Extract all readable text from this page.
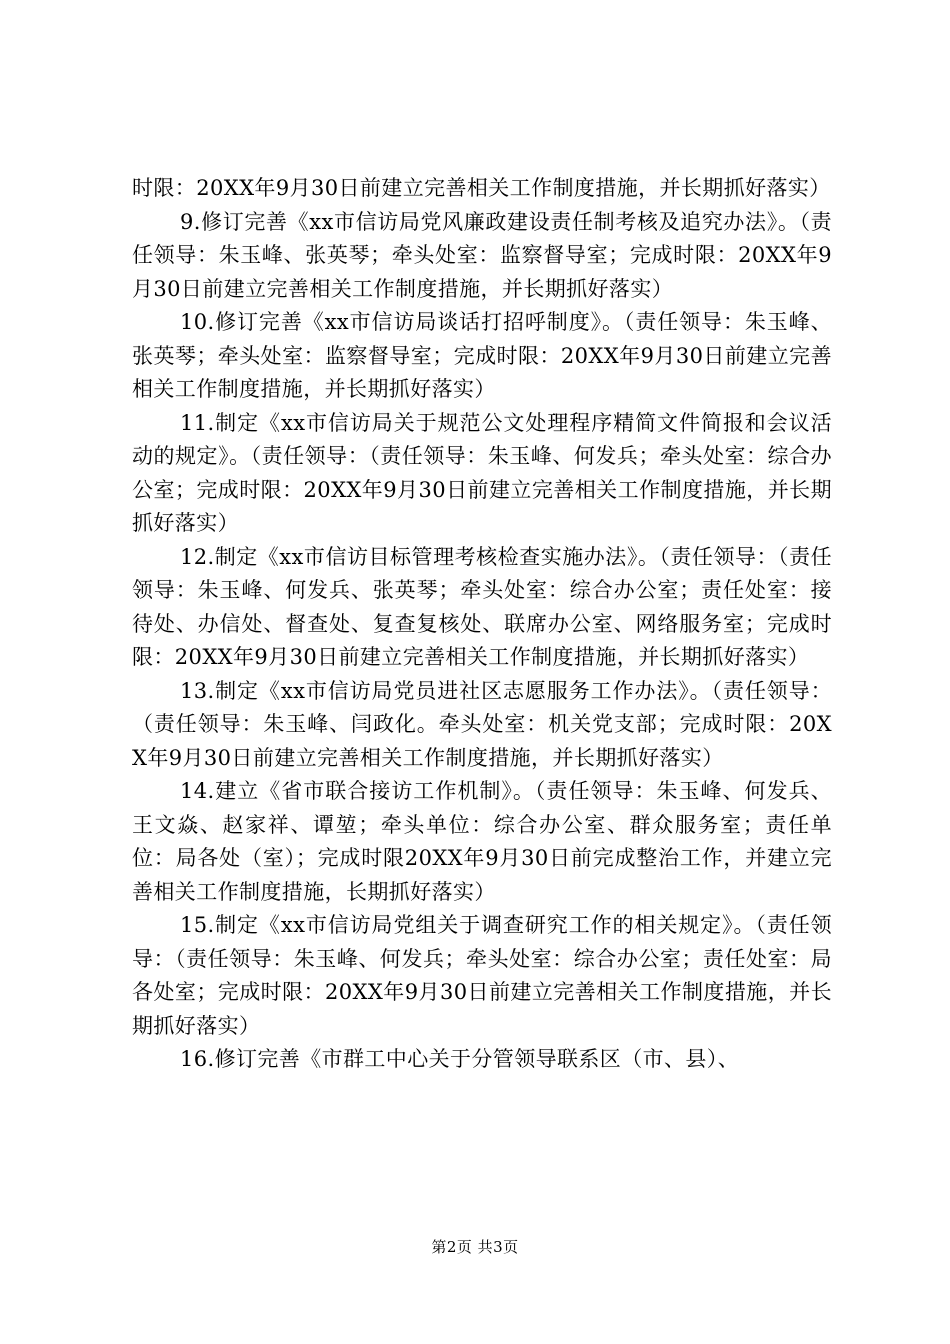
时限：20XX年9月30日前建立完善相关工作制度措施，并长期抓好落实）

9.修订完善《xx市信访局党风廉政建设责任制考核及追究办法》。（责任领导：朱玉峰、张英琴；牵头处室：监察督导室；完成时限：20XX年9月30日前建立完善相关工作制度措施，并长期抓好落实）

10.修订完善《xx市信访局谈话打招呼制度》。（责任领导：朱玉峰、张英琴；牵头处室：监察督导室；完成时限：20XX年9月30日前建立完善相关工作制度措施，并长期抓好落实）

11.制定《xx市信访局关于规范公文处理程序精简文件简报和会议活动的规定》。（责任领导：（责任领导：朱玉峰、何发兵；牵头处室：综合办公室；完成时限：20XX年9月30日前建立完善相关工作制度措施，并长期抓好落实）

12.制定《xx市信访目标管理考核检查实施办法》。（责任领导：（责任领导：朱玉峰、何发兵、张英琴；牵头处室：综合办公室；责任处室：接待处、办信处、督查处、复查复核处、联席办公室、网络服务室；完成时限：20XX年9月30日前建立完善相关工作制度措施，并长期抓好落实）

13.制定《xx市信访局党员进社区志愿服务工作办法》。（责任领导：（责任领导：朱玉峰、闫政化。牵头处室：机关党支部；完成时限：20XX年9月30日前建立完善相关工作制度措施，并长期抓好落实）

14.建立《省市联合接访工作机制》。（责任领导：朱玉峰、何发兵、王文焱、赵家祥、谭堃；牵头单位：综合办公室、群众服务室；责任单位：局各处（室）；完成时限20XX年9月30日前完成整治工作，并建立完善相关工作制度措施，长期抓好落实）

15.制定《xx市信访局党组关于调查研究工作的相关规定》。（责任领导：（责任领导：朱玉峰、何发兵；牵头处室：综合办公室；责任处室：局各处室；完成时限：20XX年9月30日前建立完善相关工作制度措施，并长期抓好落实）

16.修订完善《市群工中心关于分管领导联系区（市、县）、

第2页 共3页
